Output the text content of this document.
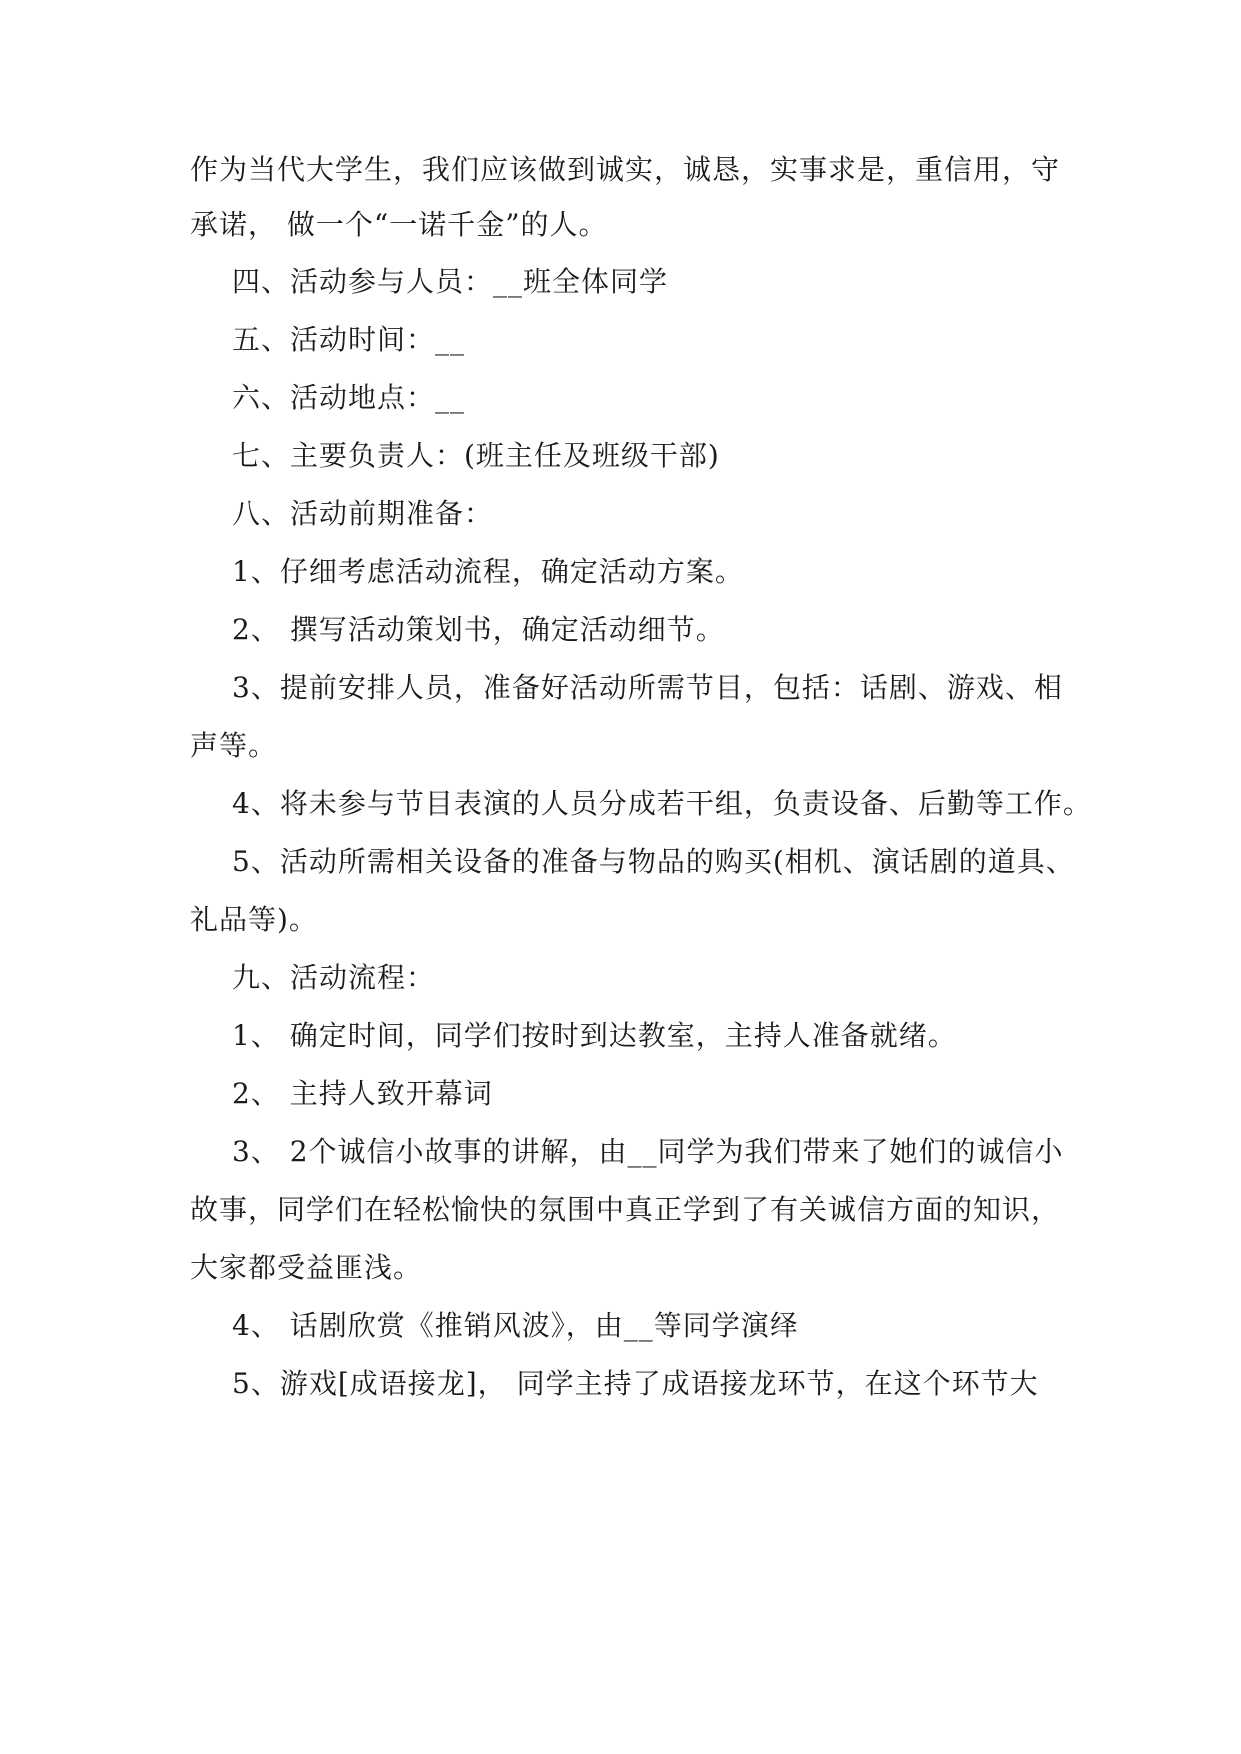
作为当代大学生，我们应该做到诚实，诚恳，实事求是，重信用，守
承诺， 做一个“一诺千金”的人。
四、活动参与人员：__班全体同学
五、活动时间：__
六、活动地点：__
七、主要负责人：(班主任及班级干部)
八、活动前期准备：
1、仔细考虑活动流程，确定活动方案。
2、 撰写活动策划书，确定活动细节。
3、提前安排人员，准备好活动所需节目，包括：话剧、游戏、相
声等。
4、将未参与节目表演的人员分成若干组，负责设备、后勤等工作。
5、活动所需相关设备的准备与物品的购买(相机、演话剧的道具、
礼品等)。
九、活动流程：
1、 确定时间，同学们按时到达教室，主持人准备就绪。
2、 主持人致开幕词
3、 2个诚信小故事的讲解，由__同学为我们带来了她们的诚信小
故事，同学们在轻松愉快的氛围中真正学到了有关诚信方面的知识，
大家都受益匪浅。
4、 话剧欣赏《推销风波》，由__等同学演绎
5、游戏[成语接龙]， 同学主持了成语接龙环节，在这个环节大
